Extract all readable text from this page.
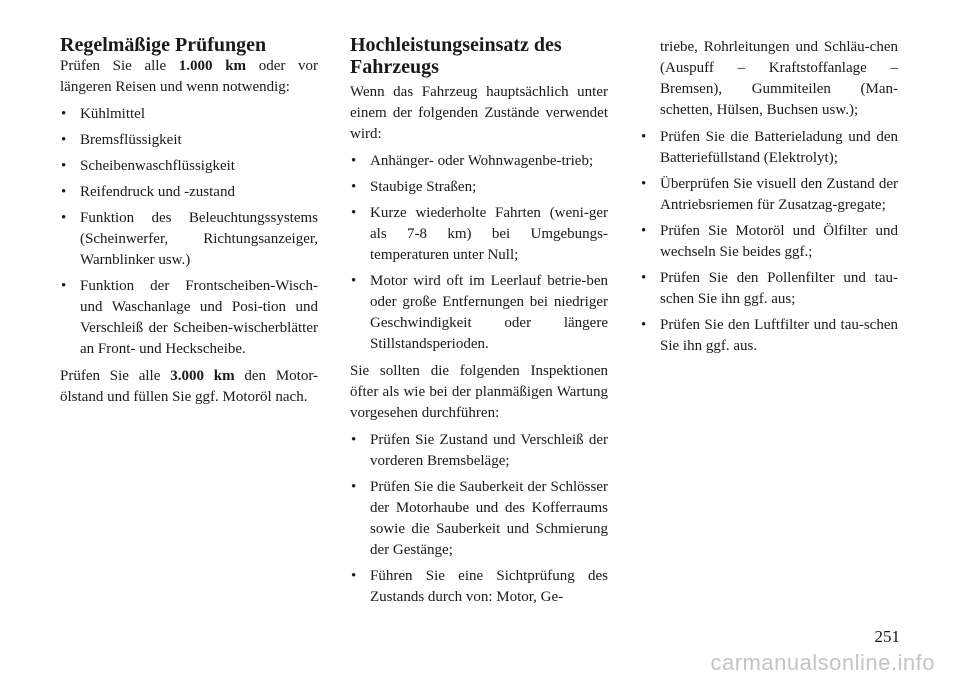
Regelmäßige Prüfungen

Prüfen Sie alle 1.000 km oder vor längeren Reisen und wenn notwendig:

• Kühlmittel
• Bremsflüssigkeit
• Scheibenwaschflüssigkeit
• Reifendruck und -zustand
• Funktion des Beleuchtungssystems (Scheinwerfer, Richtungsanzeiger, Warnblinker usw.)
• Funktion der Frontscheiben-Wisch- und Waschanlage und Posi-tion und Verschleiß der Scheiben-wischerblätter an Front- und Heckscheibe.

Prüfen Sie alle 3.000 km den Motor-ölstand und füllen Sie ggf. Motoröl nach.

Hochleistungseinsatz des Fahrzeugs

Wenn das Fahrzeug hauptsächlich unter einem der folgenden Zustände verwendet wird:

• Anhänger- oder Wohnwagenbe-trieb;
• Staubige Straßen;
• Kurze wiederholte Fahrten (weni-ger als 7-8 km) bei Umgebungs-temperaturen unter Null;
• Motor wird oft im Leerlauf betrie-ben oder große Entfernungen bei niedriger Geschwindigkeit oder längere Stillstandsperioden.

Sie sollten die folgenden Inspektionen öfter als wie bei der planmäßigen Wartung vorgesehen durchführen:

• Prüfen Sie Zustand und Verschleiß der vorderen Bremsbeläge;
• Prüfen Sie die Sauberkeit der Schlösser der Motorhaube und des Kofferraums sowie die Sauberkeit und Schmierung der Gestänge;
• Führen Sie eine Sichtprüfung des Zustands durch von: Motor, Ge-
triebe, Rohrleitungen und Schläu-chen (Auspuff – Kraftstoffanlage – Bremsen), Gummiteilen (Man-schetten, Hülsen, Buchsen usw.);
• Prüfen Sie die Batterieladung und den Batteriefüllstand (Elektrolyt);
• Überprüfen Sie visuell den Zustand der Antriebsriemen für Zusatzag-gregate;
• Prüfen Sie Motoröl und Ölfilter und wechseln Sie beides ggf.;
• Prüfen Sie den Pollenfilter und tau-schen Sie ihn ggf. aus;
• Prüfen Sie den Luftfilter und tau-schen Sie ihn ggf. aus.
251
carmanualsonline.info
